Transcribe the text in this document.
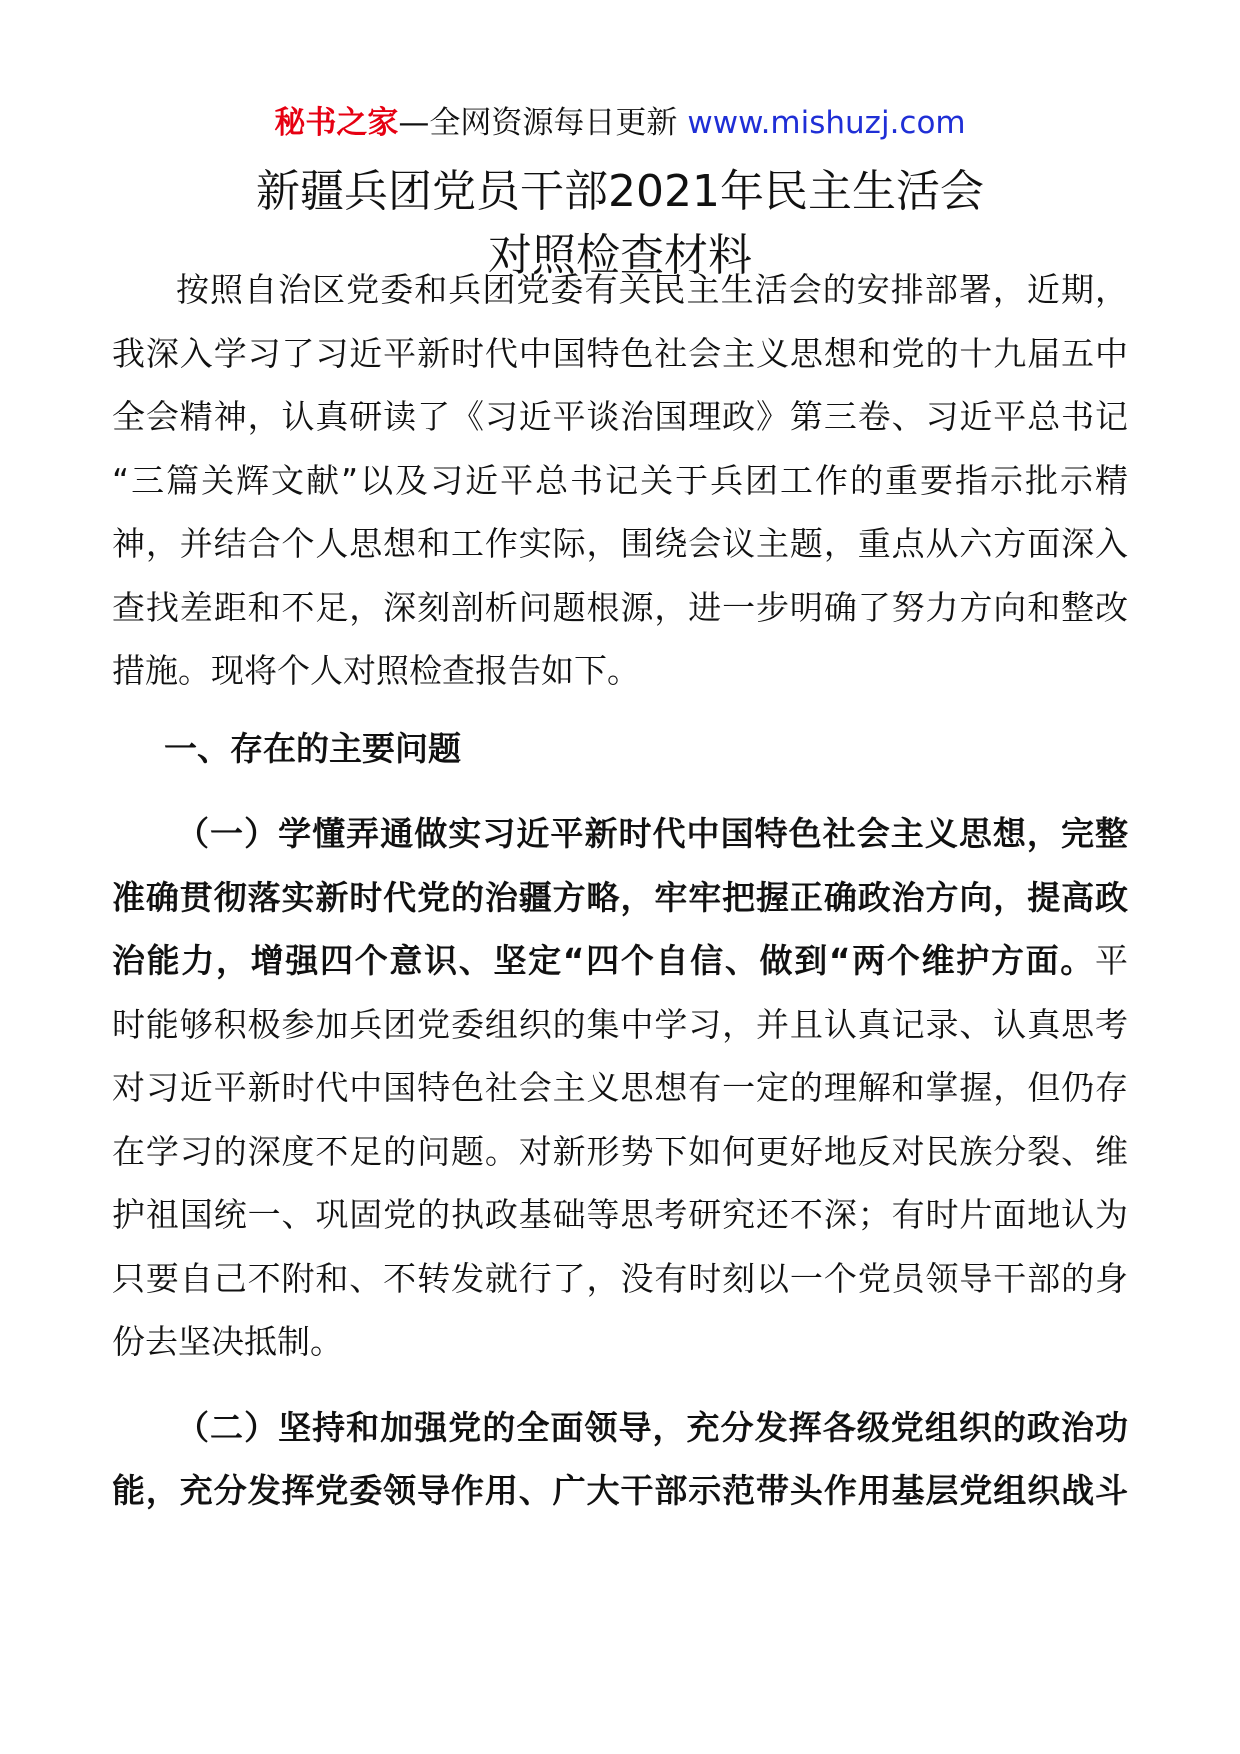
秘书之家—全网资源每日更新 www.mishuzj.com
新疆兵团党员干部2021年民主生活会
对照检查材料
按照自治区党委和兵团党委有关民主生活会的安排部署，近期，
我深入学习了习近平新时代中国特色社会主义思想和党的十九届五中
全会精神，认真研读了《习近平谈治国理政》第三卷、习近平总书记
“三篇关辉文献”以及习近平总书记关于兵团工作的重要指示批示精
神，并结合个人思想和工作实际，围绕会议主题，重点从六方面深入
查找差距和不足，深刻剖析问题根源，进一步明确了努力方向和整改
措施。现将个人对照检查报告如下。
一、存在的主要问题
（一）学懂弄通做实习近平新时代中国特色社会主义思想，完整
准确贯彻落实新时代党的治疆方略，牢牢把握正确政治方向，提高政
治能力，增强四个意识、坚定“四个自信、做到“两个维护方面。平
时能够积极参加兵团党委组织的集中学习，并且认真记录、认真思考
对习近平新时代中国特色社会主义思想有一定的理解和掌握，但仍存
在学习的深度不足的问题。对新形势下如何更好地反对民族分裂、维
护祖国统一、巩固党的执政基础等思考研究还不深；有时片面地认为
只要自己不附和、不转发就行了，没有时刻以一个党员领导干部的身
份去坚决抵制。
（二）坚持和加强党的全面领导，充分发挥各级党组织的政治功
能，充分发挥党委领导作用、广大干部示范带头作用基层党组织战斗
